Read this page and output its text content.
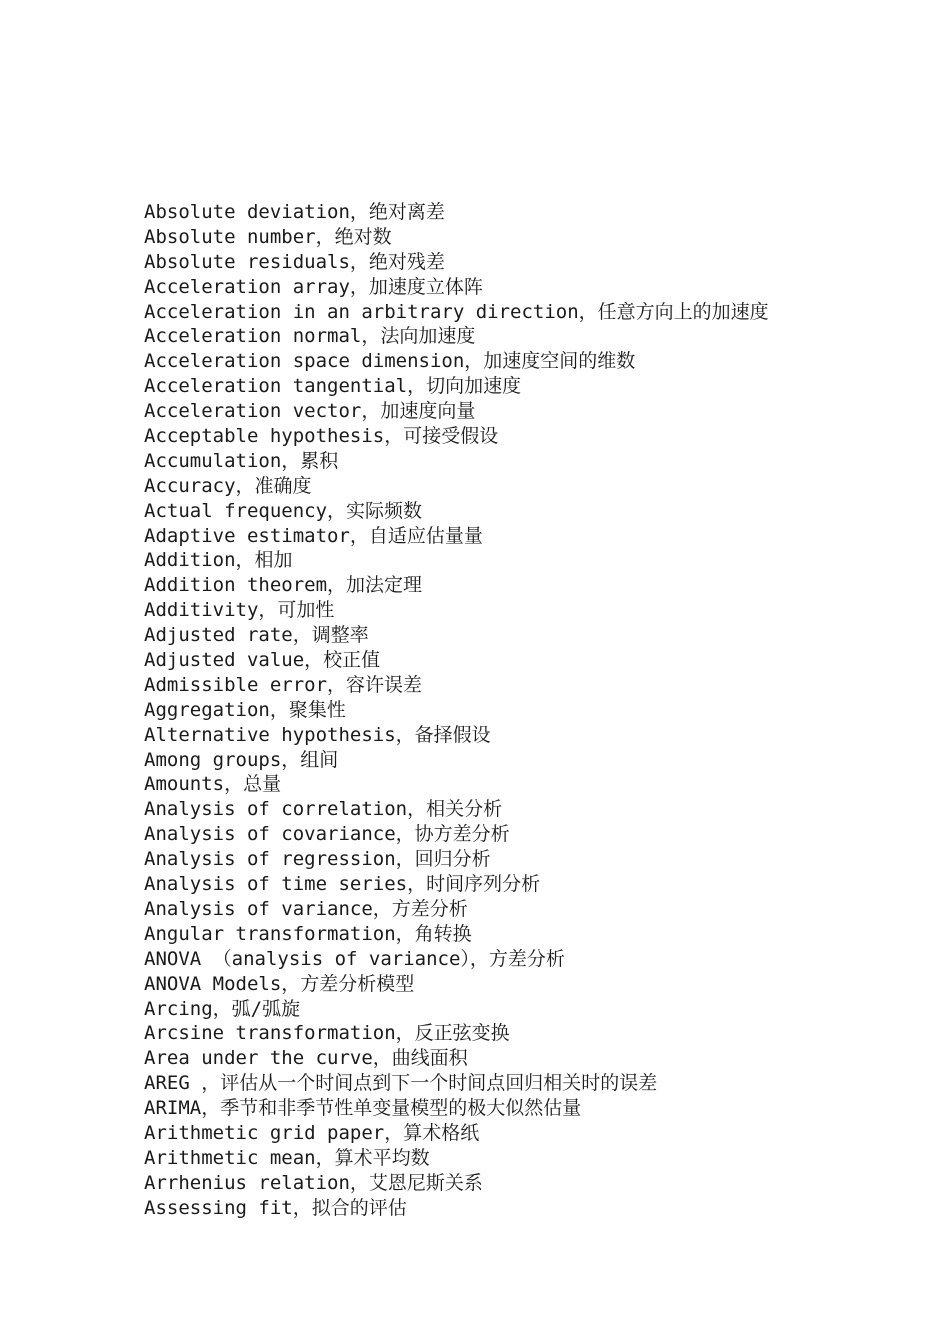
Absolute deviation，绝对离差
Absolute number，绝对数
Absolute residuals，绝对残差
Acceleration array，加速度立体阵
Acceleration in an arbitrary direction，任意方向上的加速度
Acceleration normal，法向加速度
Acceleration space dimension，加速度空间的维数
Acceleration tangential，切向加速度
Acceleration vector，加速度向量
Acceptable hypothesis，可接受假设
Accumulation，累积
Accuracy，准确度
Actual frequency，实际频数
Adaptive estimator，自适应估量量
Addition，相加
Addition theorem，加法定理
Additivity，可加性
Adjusted rate，调整率
Adjusted value，校正值
Admissible error，容许误差
Aggregation，聚集性
Alternative hypothesis，备择假设
Among groups，组间
Amounts，总量
Analysis of correlation，相关分析
Analysis of covariance，协方差分析
Analysis of regression，回归分析
Analysis of time series，时间序列分析
Analysis of variance，方差分析
Angular transformation，角转换
ANOVA （analysis of variance），方差分析
ANOVA Models，方差分析模型
Arcing，弧/弧旋
Arcsine transformation，反正弦变换
Area under the curve，曲线面积
AREG ，评估从一个时间点到下一个时间点回归相关时的误差
ARIMA，季节和非季节性单变量模型的极大似然估量
Arithmetic grid paper，算术格纸
Arithmetic mean，算术平均数
Arrhenius relation，艾恩尼斯关系
Assessing fit，拟合的评估
